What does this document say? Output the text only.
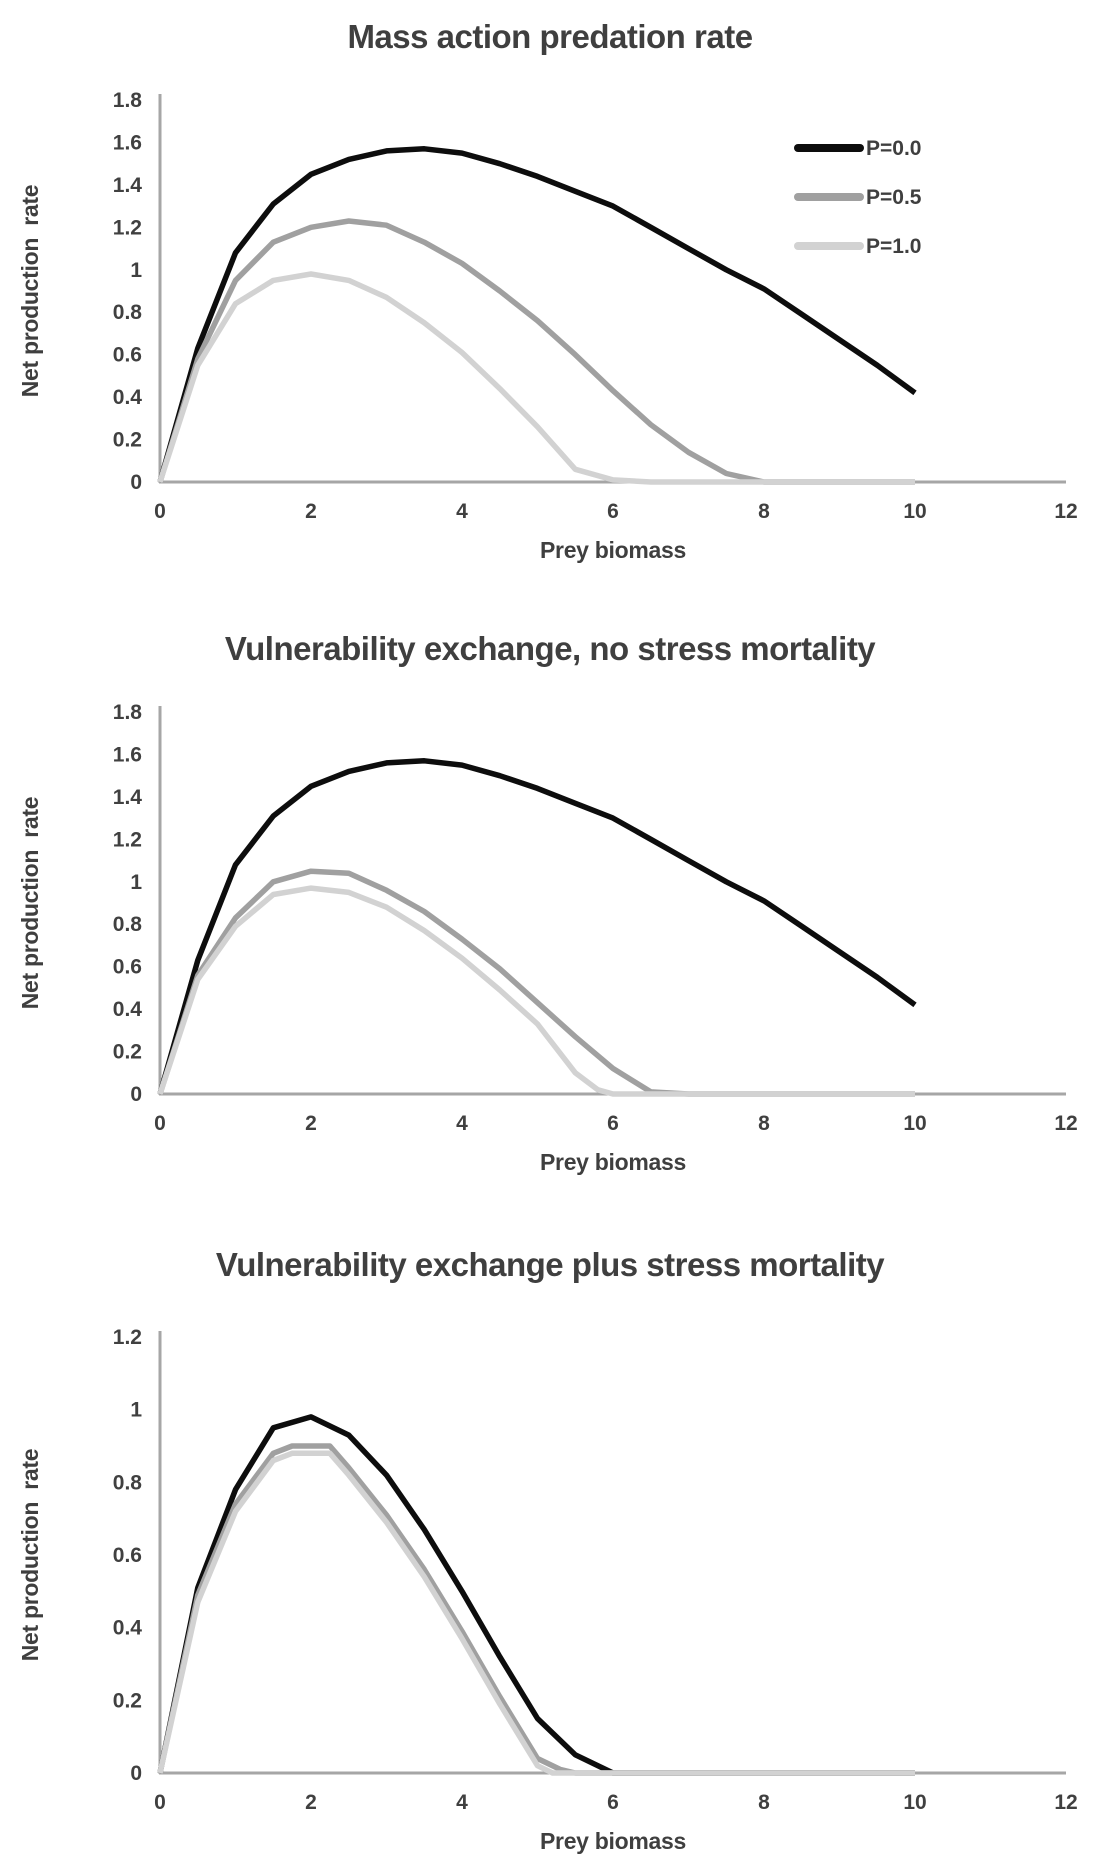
Mass action predation rate
0
0.2
0.4
0.6
0.8
1
1.2
1.4
1.6
1.8
0	2	4	6	8	10	12
Prey biomass
Net production  rate
P=0.0
P=0.5
P=1.0
Vulnerability exchange, no stress mortality
0
0.2
0.4
0.6
0.8
1
1.2
1.4
1.6
1.8
0	2	4	6	8	10	12
Prey biomass
Net production  rate
Vulnerability exchange plus stress mortality
0
0.2
0.4
0.6
0.8
1
1.2
0	2	4	6	8	10	12
Prey biomass
Net production  rate
